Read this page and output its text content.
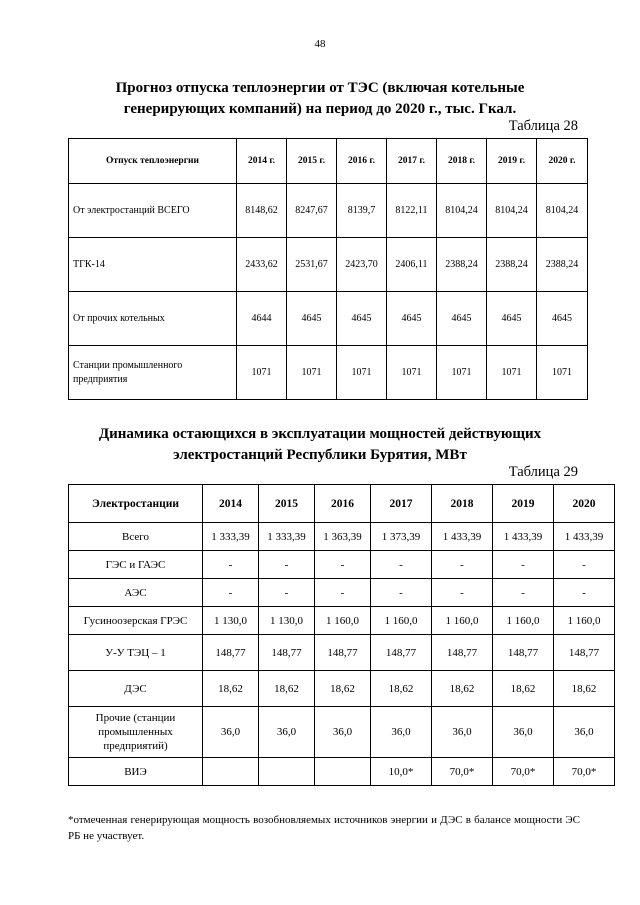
48
Прогноз отпуска теплоэнергии от ТЭС (включая котельные
генерирующих компаний) на период до 2020 г., тыс. Гкал.
Таблица 28
Отпуск теплоэнергии	2014 г.	2015 г.	2016 г.	2017 г.	2018 г.	2019 г.	2020 г.
От электростанций ВСЕГО	8148,62	8247,67	8139,7	8122,11	8104,24	8104,24	8104,24
ТГК-14	2433,62	2531,67	2423,70	2406,11	2388,24	2388,24	2388,24
От прочих котельных	4644	4645	4645	4645	4645	4645	4645
Станции промышленного предприятия	1071	1071	1071	1071	1071	1071	1071
Динамика остающихся в эксплуатации мощностей действующих
электростанций Республики Бурятия, МВт
Таблица 29
Электростанции	2014	2015	2016	2017	2018	2019	2020
Всего	1 333,39	1 333,39	1 363,39	1 373,39	1 433,39	1 433,39	1 433,39
ГЭС и ГАЭС	-	-	-	-	-	-	-
АЭС	-	-	-	-	-	-	-
Гусиноозерская ГРЭС	1 130,0	1 130,0	1 160,0	1 160,0	1 160,0	1 160,0	1 160,0
У-У ТЭЦ – 1	148,77	148,77	148,77	148,77	148,77	148,77	148,77
ДЭС	18,62	18,62	18,62	18,62	18,62	18,62	18,62
Прочие (станции промышленных предприятий)	36,0	36,0	36,0	36,0	36,0	36,0	36,0
ВИЭ				10,0*	70,0*	70,0*	70,0*
*отмеченная генерирующая мощность возобновляемых источников энергии и ДЭС в балансе мощности ЭС РБ не участвует.
